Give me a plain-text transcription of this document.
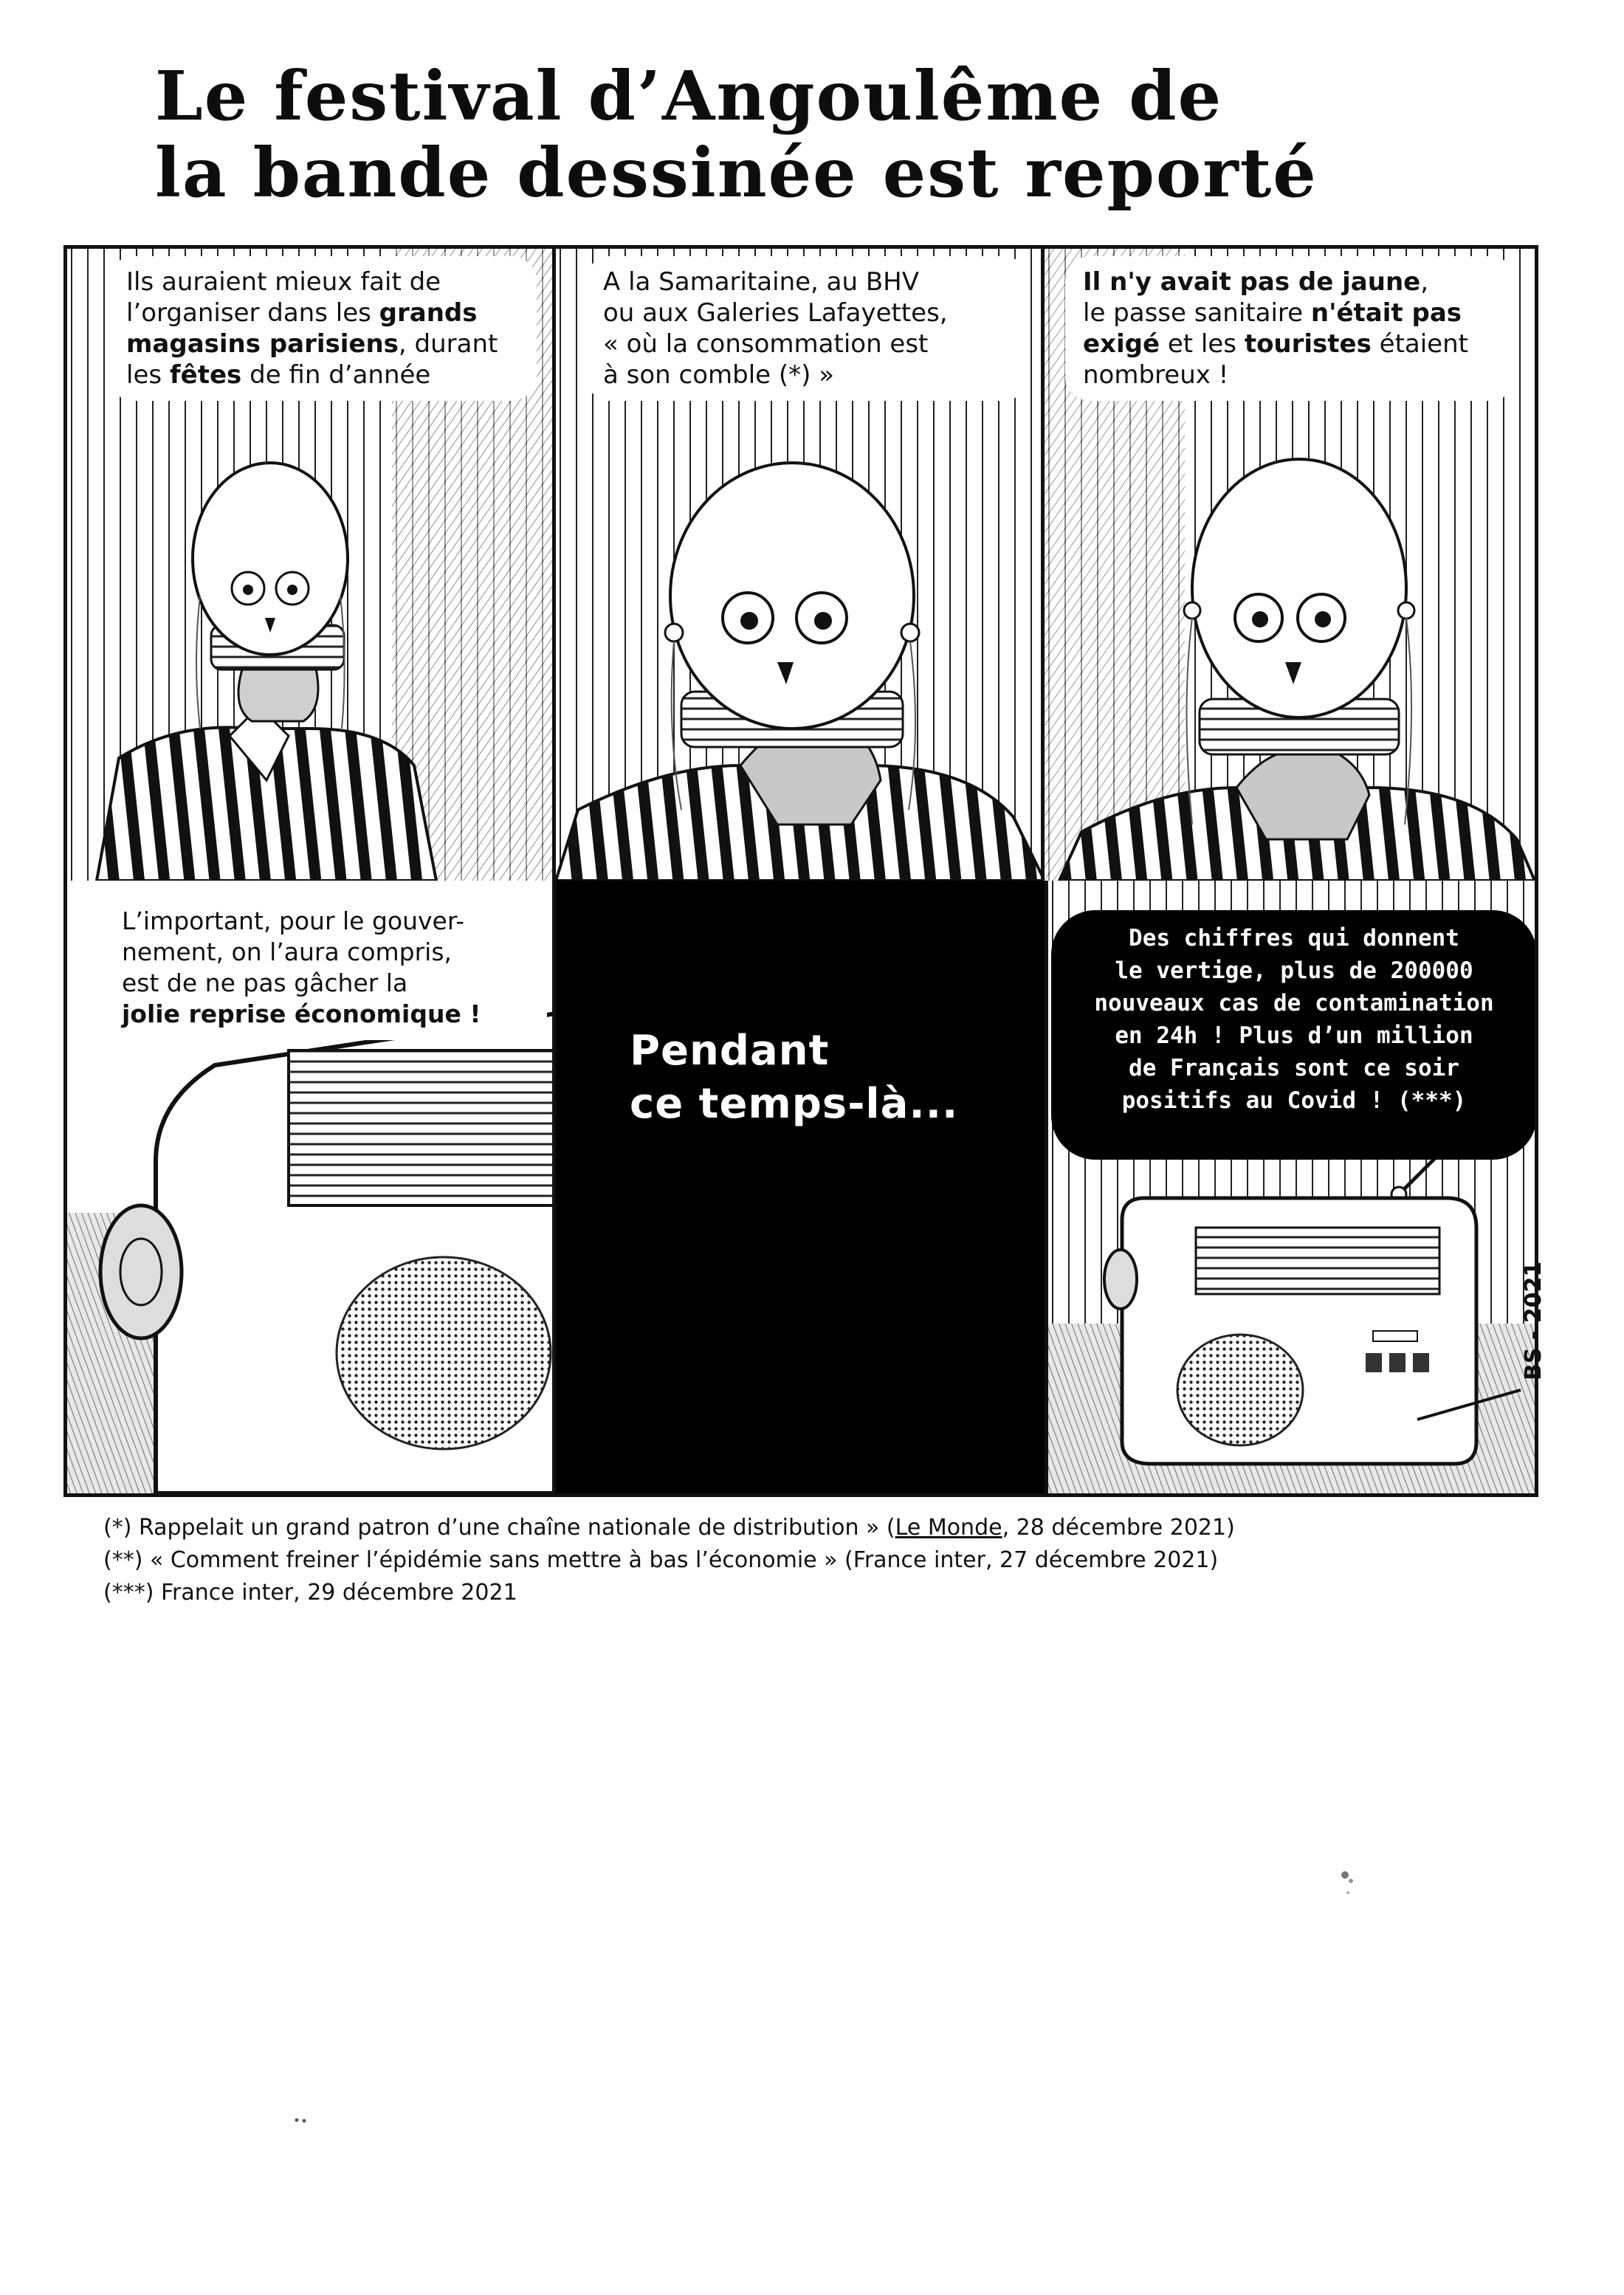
Le festival d’Angoulême de
la bande dessinée est reporté
Ils auraient mieux fait de
l’organiser dans les grands
magasins parisiens, durant
les fêtes de fin d’année
A la Samaritaine, au BHV
ou aux Galeries Lafayettes,
« où la consommation est
à son comble (*) »
Il n'y avait pas de jaune,
le passe sanitaire n'était pas
exigé et les touristes étaient
nombreux !
L’important, pour le gouver-
nement, on l’aura compris,
est de ne pas gâcher la
jolie reprise économique !
Pendant
ce temps-là...
Des chiffres qui donnent
le vertige, plus de 200000
nouveaux cas de contamination
en 24h ! Plus d’un million
de Français sont ce soir
positifs au Covid ! (***)
BS - 2021
(*) Rappelait un grand patron d’une chaîne nationale de distribution » (Le Monde, 28 décembre 2021)
(**) « Comment freiner l’épidémie sans mettre à bas l’économie » (France inter, 27 décembre 2021)
(***) France inter, 29 décembre 2021
